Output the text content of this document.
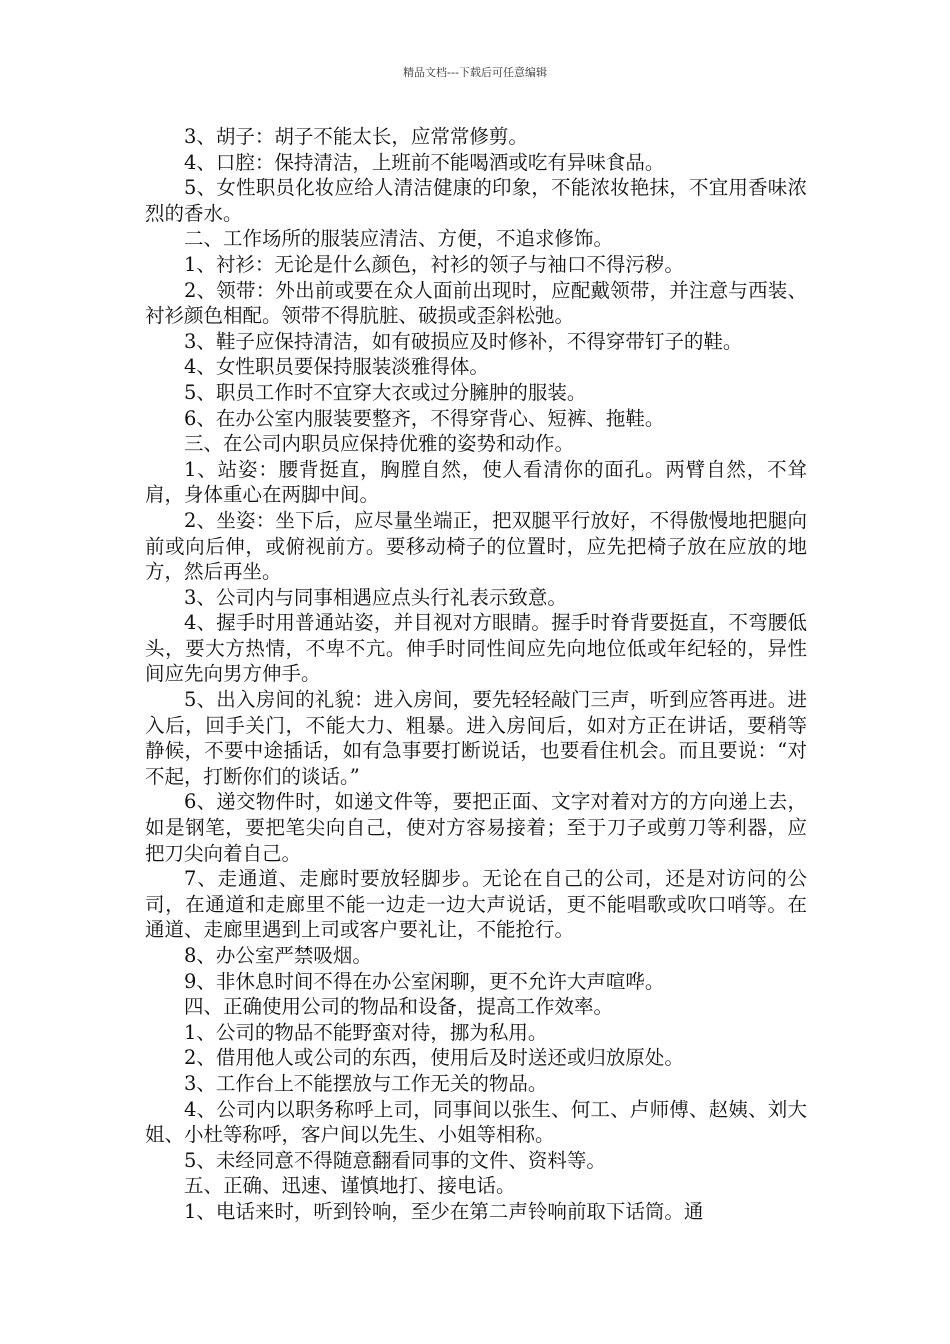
精品文档---下载后可任意编辑

3、胡子：胡子不能太长，应常常修剪。

4、口腔：保持清洁，上班前不能喝酒或吃有异味食品。

5、女性职员化妆应给人清洁健康的印象，不能浓妆艳抹，不宜用香味浓烈的香水。

二、工作场所的服装应清洁、方便，不追求修饰。

1、衬衫：无论是什么颜色，衬衫的领子与袖口不得污秽。

2、领带：外出前或要在众人面前出现时，应配戴领带，并注意与西装、衬衫颜色相配。领带不得肮脏、破损或歪斜松弛。

3、鞋子应保持清洁，如有破损应及时修补，不得穿带钉子的鞋。

4、女性职员要保持服装淡雅得体。

5、职员工作时不宜穿大衣或过分臃肿的服装。

6、在办公室内服装要整齐，不得穿背心、短裤、拖鞋。

三、在公司内职员应保持优雅的姿势和动作。

1、站姿：腰背挺直，胸膛自然，使人看清你的面孔。两臂自然，不耸肩，身体重心在两脚中间。

2、坐姿：坐下后，应尽量坐端正，把双腿平行放好，不得傲慢地把腿向前或向后伸，或俯视前方。要移动椅子的位置时，应先把椅子放在应放的地方，然后再坐。

3、公司内与同事相遇应点头行礼表示致意。

4、握手时用普通站姿，并目视对方眼睛。握手时脊背要挺直，不弯腰低头，要大方热情，不卑不亢。伸手时同性间应先向地位低或年纪轻的，异性间应先向男方伸手。

5、出入房间的礼貌：进入房间，要先轻轻敲门三声，听到应答再进。进入后，回手关门，不能大力、粗暴。进入房间后，如对方正在讲话，要稍等静候，不要中途插话，如有急事要打断说话，也要看住机会。而且要说：“对不起，打断你们的谈话。”

6、递交物件时，如递文件等，要把正面、文字对着对方的方向递上去，如是钢笔，要把笔尖向自己，使对方容易接着；至于刀子或剪刀等利器，应把刀尖向着自己。

7、走通道、走廊时要放轻脚步。无论在自己的公司，还是对访问的公司，在通道和走廊里不能一边走一边大声说话，更不能唱歌或吹口哨等。在通道、走廊里遇到上司或客户要礼让，不能抢行。

8、办公室严禁吸烟。

9、非休息时间不得在办公室闲聊，更不允许大声喧哗。

四、正确使用公司的物品和设备，提高工作效率。

1、公司的物品不能野蛮对待，挪为私用。

2、借用他人或公司的东西，使用后及时送还或归放原处。

3、工作台上不能摆放与工作无关的物品。

4、公司内以职务称呼上司，同事间以张生、何工、卢师傅、赵姨、刘大姐、小杜等称呼，客户间以先生、小姐等相称。

5、未经同意不得随意翻看同事的文件、资料等。

五、正确、迅速、谨慎地打、接电话。

1、电话来时，听到铃响，至少在第二声铃响前取下话筒。通
